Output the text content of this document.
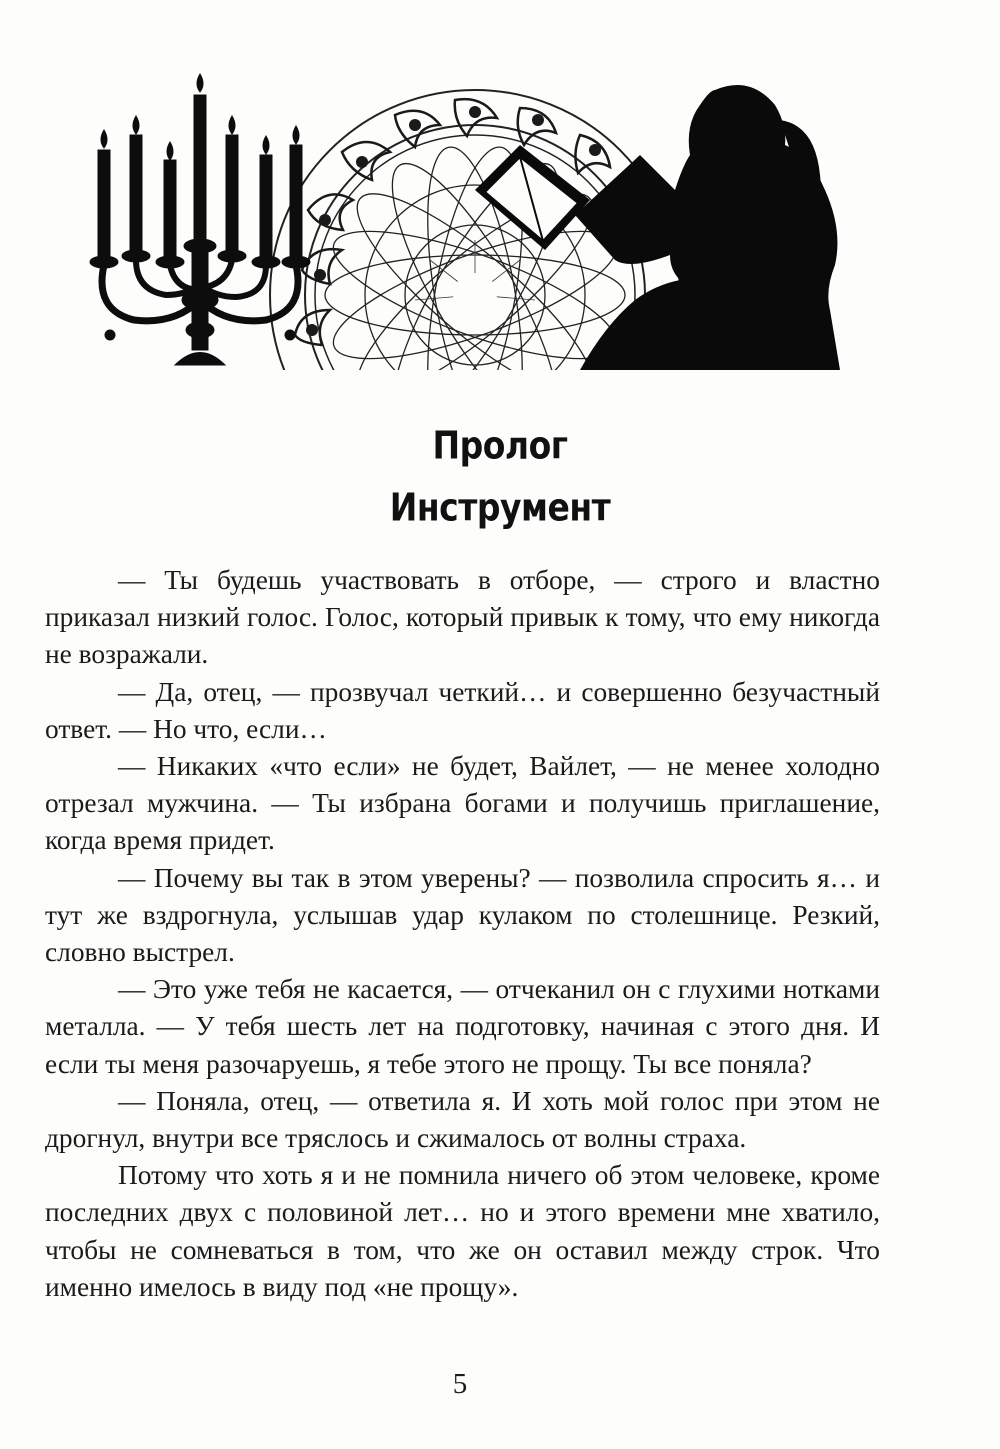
Пролог
Инструмент

— Ты будешь участвовать в отборе, — строго и властно приказал низкий голос. Голос, который привык к тому, что ему никогда не возражали.

— Да, отец, — прозвучал четкий… и совершенно безучастный ответ. — Но что, если…

— Никаких «что если» не будет, Вайлет, — не менее холодно отрезал мужчина. — Ты избрана богами и получишь приглашение, когда время придет.

— Почему вы так в этом уверены? — позволила спросить я… и тут же вздрогнула, услышав удар кулаком по столешнице. Резкий, словно выстрел.

— Это уже тебя не касается, — отчеканил он с глухими нотками металла. — У тебя шесть лет на подготовку, начиная с этого дня. И если ты меня разочаруешь, я тебе этого не прощу. Ты все поняла?

— Поняла, отец, — ответила я. И хоть мой голос при этом не дрогнул, внутри все тряслось и сжималось от волны страха.

Потому что хоть я и не помнила ничего об этом человеке, кроме последних двух с половиной лет… но и этого времени мне хватило, чтобы не сомневаться в том, что же он оставил между строк. Что именно имелось в виду под «не прощу».

5
